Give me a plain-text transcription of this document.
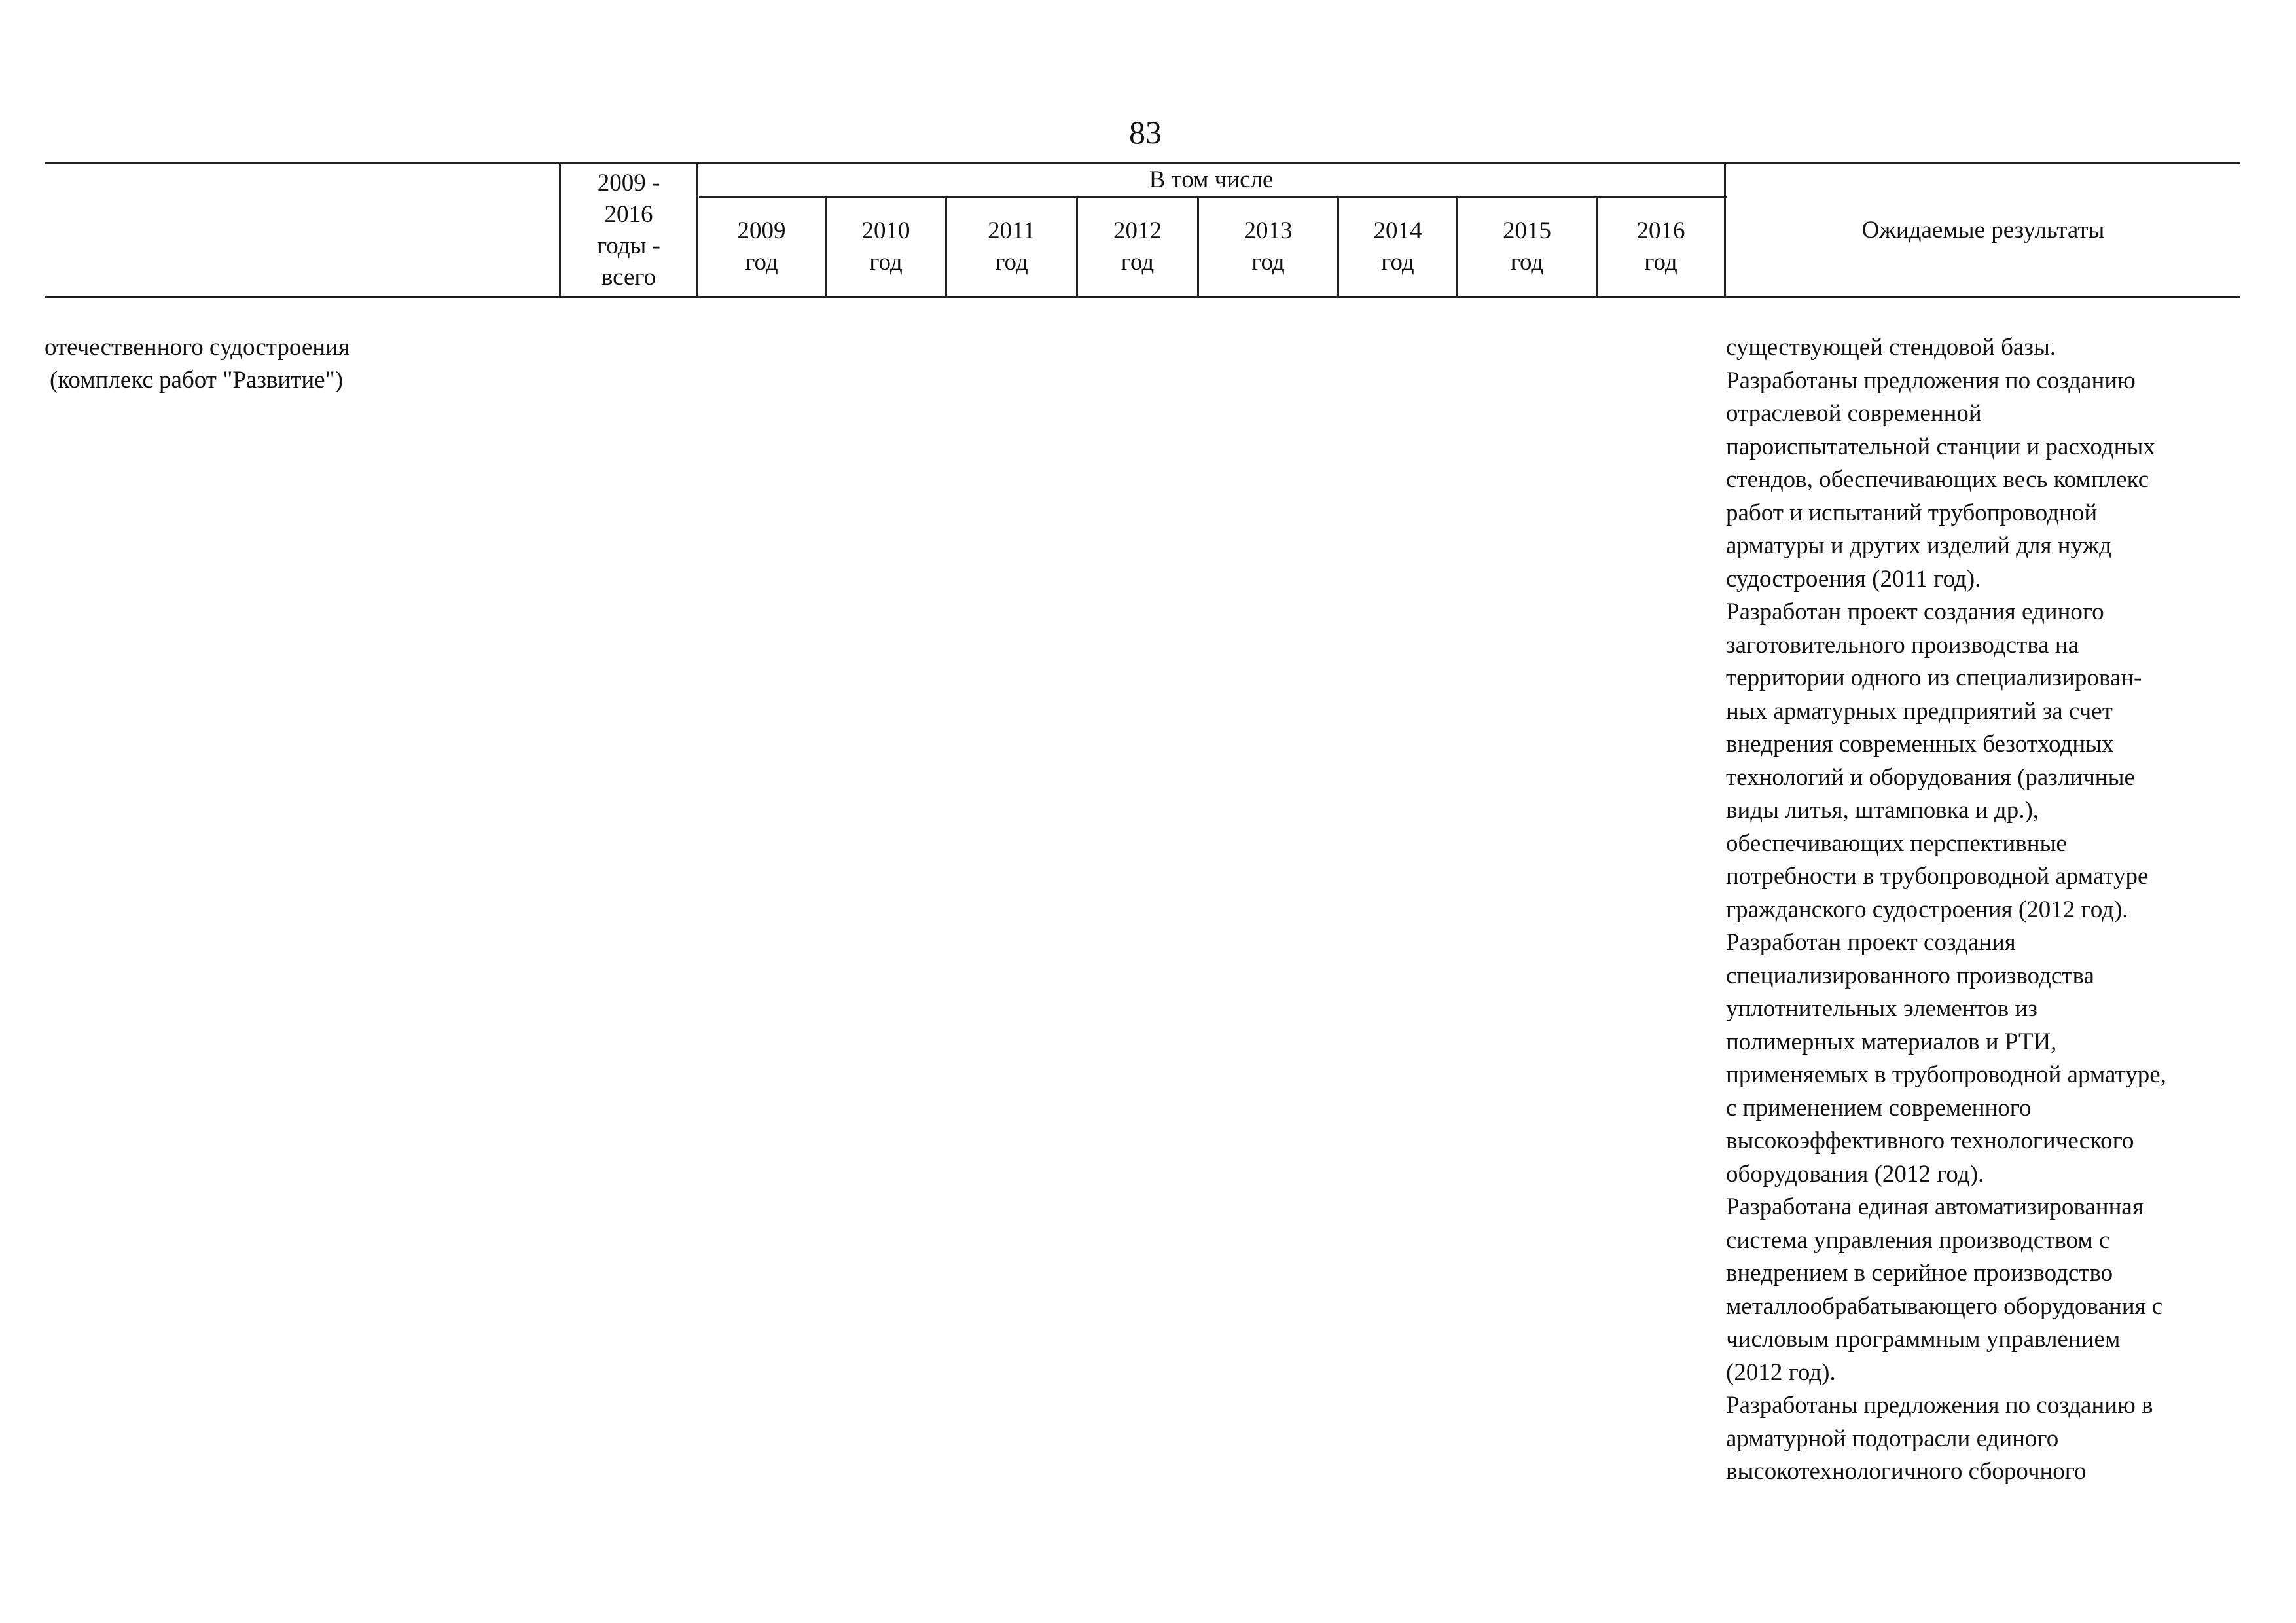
83
2009 -
2016
годы -
всего
В том числе
2009
год
2010
год
2011
год
2012
год
2013
год
2014
год
2015
год
2016
год
Ожидаемые результаты
отечественного судостроения
(комплекс работ "Развитие")
существующей стендовой базы.
Разработаны предложения по созданию
отраслевой современной
пароиспытательной станции и расходных
стендов, обеспечивающих весь комплекс
работ и испытаний трубопроводной
арматуры и других изделий для нужд
судостроения (2011 год).
Разработан проект создания единого
заготовительного производства на
территории одного из специализирован-
ных арматурных предприятий за счет
внедрения современных безотходных
технологий и оборудования (различные
виды литья, штамповка и др.),
обеспечивающих перспективные
потребности в трубопроводной арматуре
гражданского судостроения (2012 год).
Разработан проект создания
специализированного производства
уплотнительных элементов из
полимерных материалов и РТИ,
применяемых в трубопроводной арматуре,
с применением современного
высокоэффективного технологического
оборудования (2012 год).
Разработана единая автоматизированная
система управления производством с
внедрением в серийное производство
металлообрабатывающего оборудования с
числовым программным управлением
(2012 год).
Разработаны предложения по созданию в
арматурной подотрасли единого
высокотехнологичного сборочного
